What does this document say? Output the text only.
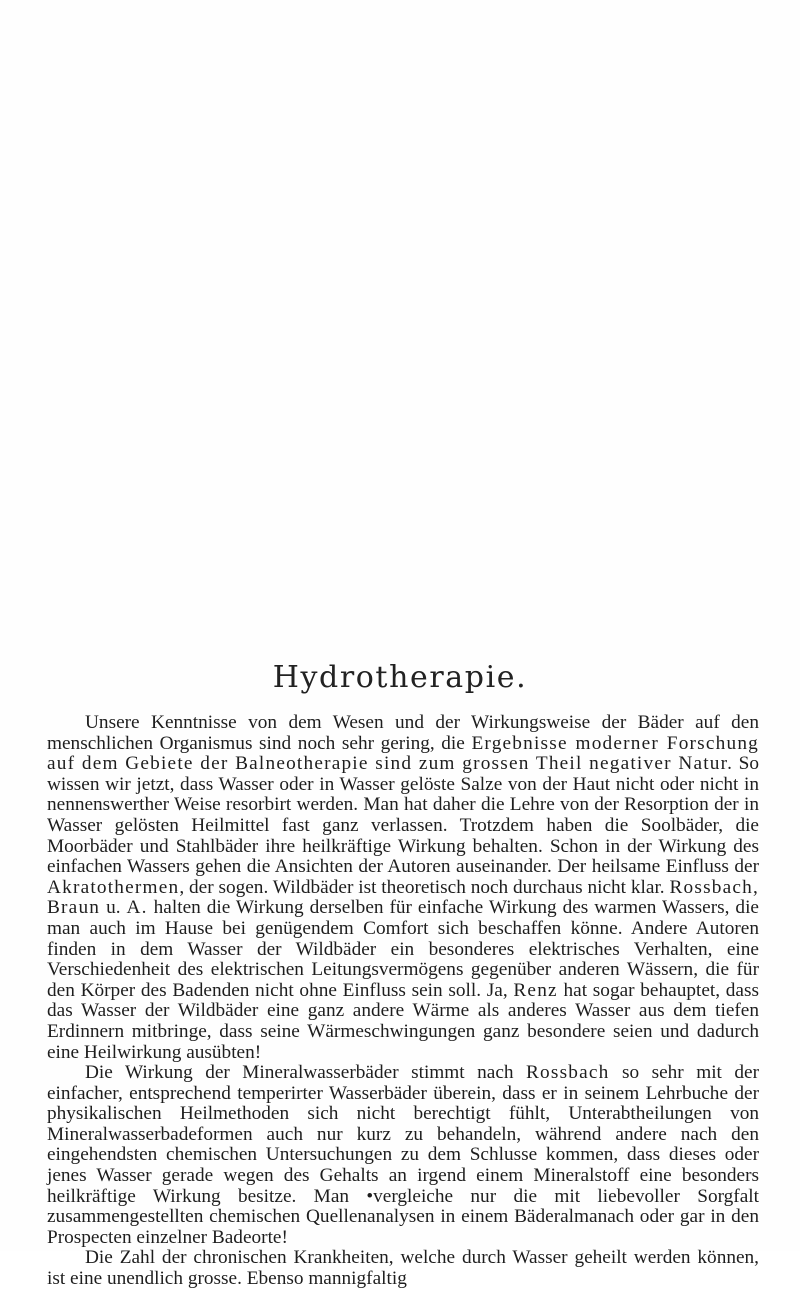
Hydrotherapie.

Unsere Kenntnisse von dem Wesen und der Wirkungsweise der Bäder auf den menschlichen Organismus sind noch sehr gering, die Ergebnisse moderner Forschung auf dem Gebiete der Balneotherapie sind zum grossen Theil negativer Natur. So wissen wir jetzt, dass Wasser oder in Wasser gelöste Salze von der Haut nicht oder nicht in nennenswerther Weise resorbirt werden. Man hat daher die Lehre von der Resorption der in Wasser gelösten Heilmittel fast ganz verlassen. Trotzdem haben die Soolbäder, die Moorbäder und Stahlbäder ihre heilkräftige Wirkung behalten. Schon in der Wirkung des einfachen Wassers gehen die Ansichten der Autoren auseinander. Der heilsame Einfluss der Akratothermen, der sogen. Wildbäder ist theoretisch noch durchaus nicht klar. Rossbach, Braun u. A. halten die Wirkung derselben für einfache Wirkung des warmen Wassers, die man auch im Hause bei genügendem Comfort sich beschaffen könne. Andere Autoren finden in dem Wasser der Wildbäder ein besonderes elektrisches Verhalten, eine Verschiedenheit des elektrischen Leitungsvermögens gegenüber anderen Wässern, die für den Körper des Badenden nicht ohne Einfluss sein soll. Ja, Renz hat sogar behauptet, dass das Wasser der Wildbäder eine ganz andere Wärme als anderes Wasser aus dem tiefen Erdinnern mitbringe, dass seine Wärmeschwingungen ganz besondere seien und dadurch eine Heilwirkung ausübten!

Die Wirkung der Mineralwasserbäder stimmt nach Rossbach so sehr mit der einfacher, entsprechend temperirter Wasserbäder überein, dass er in seinem Lehrbuche der physikalischen Heilmethoden sich nicht berechtigt fühlt, Unterabtheilungen von Mineralwasserbadeformen auch nur kurz zu behandeln, während andere nach den eingehendsten chemischen Untersuchungen zu dem Schlusse kommen, dass dieses oder jenes Wasser gerade wegen des Gehalts an irgend einem Mineralstoff eine besonders heilkräftige Wirkung besitze. Man •vergleiche nur die mit liebevoller Sorgfalt zusammengestellten chemischen Quellenanalysen in einem Bäderalmanach oder gar in den Prospecten einzelner Badeorte!

Die Zahl der chronischen Krankheiten, welche durch Wasser geheilt werden können, ist eine unendlich grosse. Ebenso mannigfaltig
